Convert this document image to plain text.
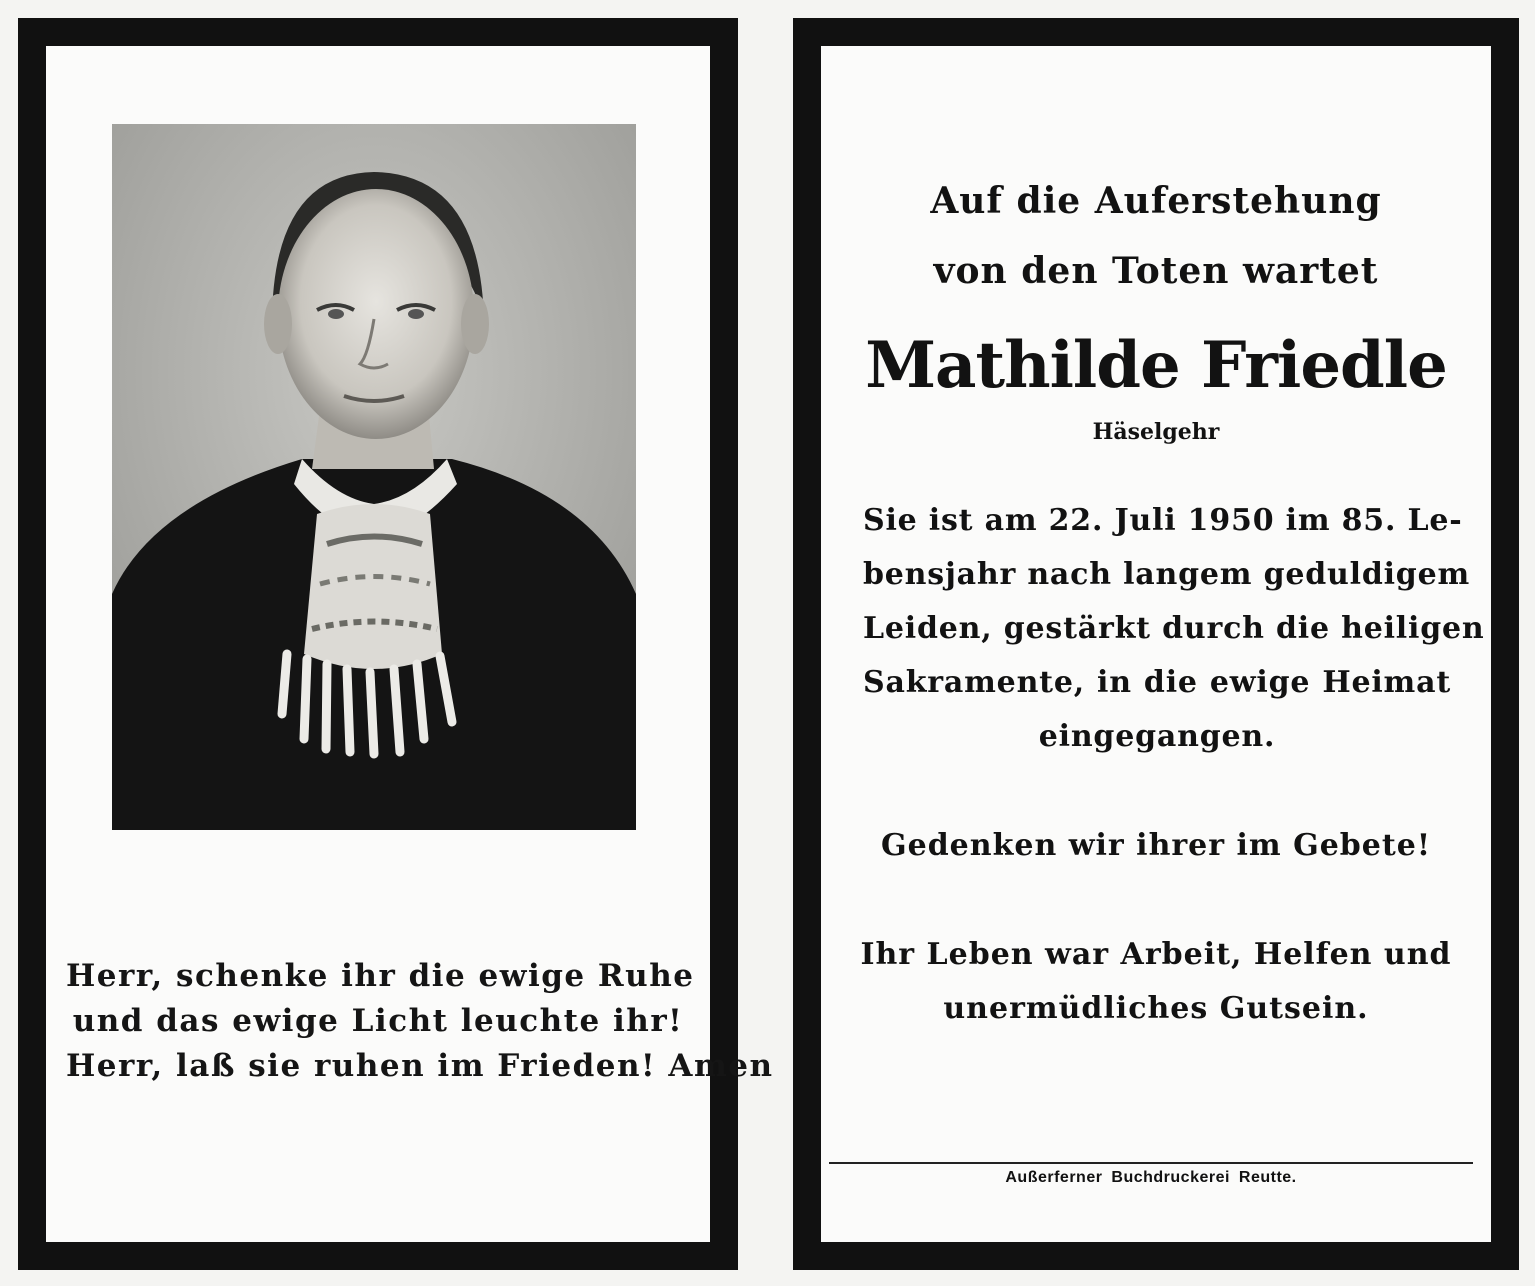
Herr, schenke ihr die ewige Ruhe
und das ewige Licht leuchte ihr!
Herr, laß sie ruhen im Frieden! Amen
Auf die Auferstehung
von den Toten wartet
Mathilde Friedle
Häselgehr
Sie ist am 22. Juli 1950 im 85. Le-
bensjahr nach langem geduldigem
Leiden, gestärkt durch die heiligen
Sakramente, in die ewige Heimat
eingegangen.
Gedenken wir ihrer im Gebete!
Ihr Leben war Arbeit, Helfen und
unermüdliches Gutsein.
Außerferner Buchdruckerei Reutte.
